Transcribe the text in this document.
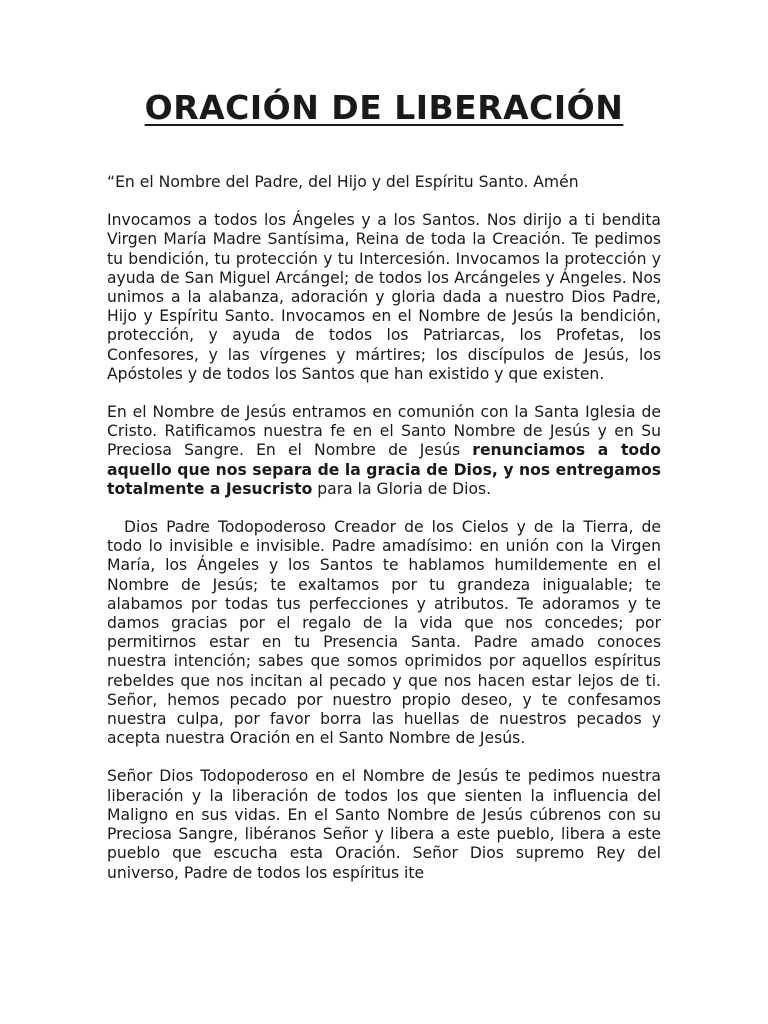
ORACIÓN DE LIBERACIÓN

“En el Nombre del Padre, del Hijo y del Espíritu Santo. Amén

Invocamos a todos los Ángeles y a los Santos. Nos dirijo a ti bendita Virgen María Madre Santísima, Reina de toda la Creación. Te pedimos tu bendición, tu protección y tu Intercesión. Invocamos la protección y ayuda de San Miguel Arcángel; de todos los Arcángeles y Ángeles. Nos unimos a la alabanza, adoración y gloria dada a nuestro Dios Padre, Hijo y Espíritu Santo. Invocamos en el Nombre de Jesús la bendición, protección, y ayuda de todos los Patriarcas, los Profetas, los Confesores, y las vírgenes y mártires; los discípulos de Jesús, los Apóstoles y de todos los Santos que han existido y que existen.

En el Nombre de Jesús entramos en comunión con la Santa Iglesia de Cristo. Ratificamos nuestra fe en el Santo Nombre de Jesús y en Su Preciosa Sangre. En el Nombre de Jesús renunciamos a todo aquello que nos separa de la gracia de Dios, y nos entregamos totalmente a Jesucristo para la Gloria de Dios.

Dios Padre Todopoderoso Creador de los Cielos y de la Tierra, de todo lo invisible e invisible. Padre amadísimo: en unión con la Virgen María, los Ángeles y los Santos te hablamos humildemente en el Nombre de Jesús; te exaltamos por tu grandeza inigualable; te alabamos por todas tus perfecciones y atributos. Te adoramos y te damos gracias por el regalo de la vida que nos concedes; por permitirnos estar en tu Presencia Santa. Padre amado conoces nuestra intención; sabes que somos oprimidos por aquellos espíritus rebeldes que nos incitan al pecado y que nos hacen estar lejos de ti. Señor, hemos pecado por nuestro propio deseo, y te confesamos nuestra culpa, por favor borra las huellas de nuestros pecados y acepta nuestra Oración en el Santo Nombre de Jesús.

Señor Dios Todopoderoso en el Nombre de Jesús te pedimos nuestra liberación y la liberación de todos los que sienten la influencia del Maligno en sus vidas. En el Santo Nombre de Jesús cúbrenos con su Preciosa Sangre, libéranos Señor y libera a este pueblo, libera a este pueblo que escucha esta Oración. Señor Dios supremo Rey del universo, Padre de todos los espíritus ite
